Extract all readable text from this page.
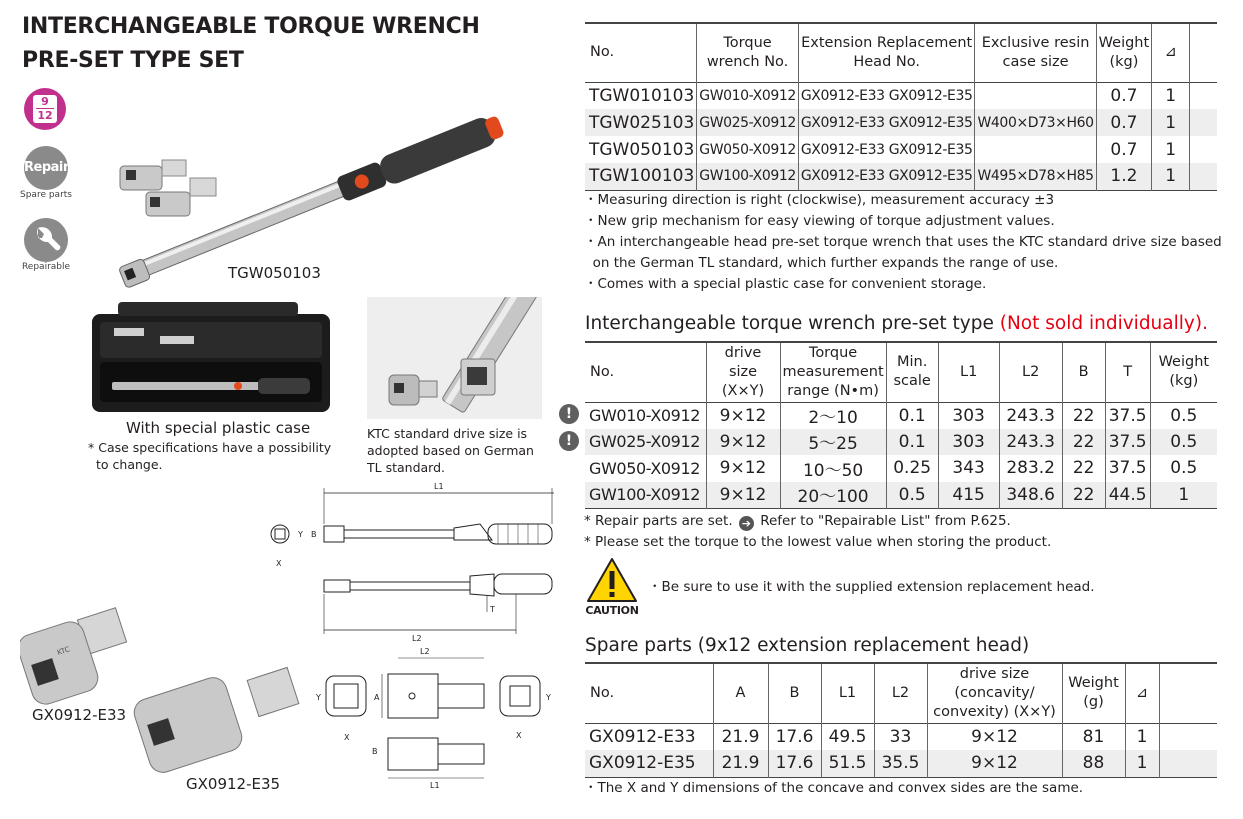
INTERCHANGEABLE TORQUE WRENCH
PRE-SET TYPE SET
9
12
Repair
Spare parts
Repairable	TGW050103
With special plastic case
* Case specifications have a possibility to change.
KTC standard drive size is adopted based on German TL standard.
L1
Y
X
B
T
L2
KTC
GX0912-E33
GX0912-E35
Y
X
A
L2
B
L1
Y
X
No.	Torque wrench No.	Extension Replacement Head No.	Exclusive resin case size	Weight (kg)	⊿	
TGW010103	GW010-X0912	GX0912-E33 GX0912-E35		0.7	1	
TGW025103	GW025-X0912	GX0912-E33 GX0912-E35	W400×D73×H60	0.7	1	
TGW050103	GW050-X0912	GX0912-E33 GX0912-E35		0.7	1	
TGW100103	GW100-X0912	GX0912-E33 GX0912-E35	W495×D78×H85	1.2	1	
・Measuring direction is right (clockwise), measurement accuracy ±3
・New grip mechanism for easy viewing of torque adjustment values.
・An interchangeable head pre-set torque wrench that uses the KTC standard drive size based
on the German TL standard, which further expands the range of use.
・Comes with a special plastic case for convenient storage.
Interchangeable torque wrench pre-set type (Not sold individually).
!
!
No.	drive size (X×Y)	Torque measurement range (N•m)	Min. scale	L1	L2	B	T	Weight (kg)
GW010-X0912	9×12	2〜10	0.1	303	243.3	22	37.5	0.5
GW025-X0912	9×12	5〜25	0.1	303	243.3	22	37.5	0.5
GW050-X0912	9×12	10〜50	0.25	343	283.2	22	37.5	0.5
GW100-X0912	9×12	20〜100	0.5	415	348.6	22	44.5	1
* Repair parts are set. ➔ Refer to "Repairable List" from P.625.
* Please set the torque to the lowest value when storing the product.
CAUTION
・Be sure to use it with the supplied extension replacement head.
Spare parts (9x12 extension replacement head)
No.	A	B	L1	L2	drive size (concavity/ convexity) (X×Y)	Weight (g)	⊿	
GX0912-E33	21.9	17.6	49.5	33	9×12	81	1	
GX0912-E35	21.9	17.6	51.5	35.5	9×12	88	1	
・The X and Y dimensions of the concave and convex sides are the same.
